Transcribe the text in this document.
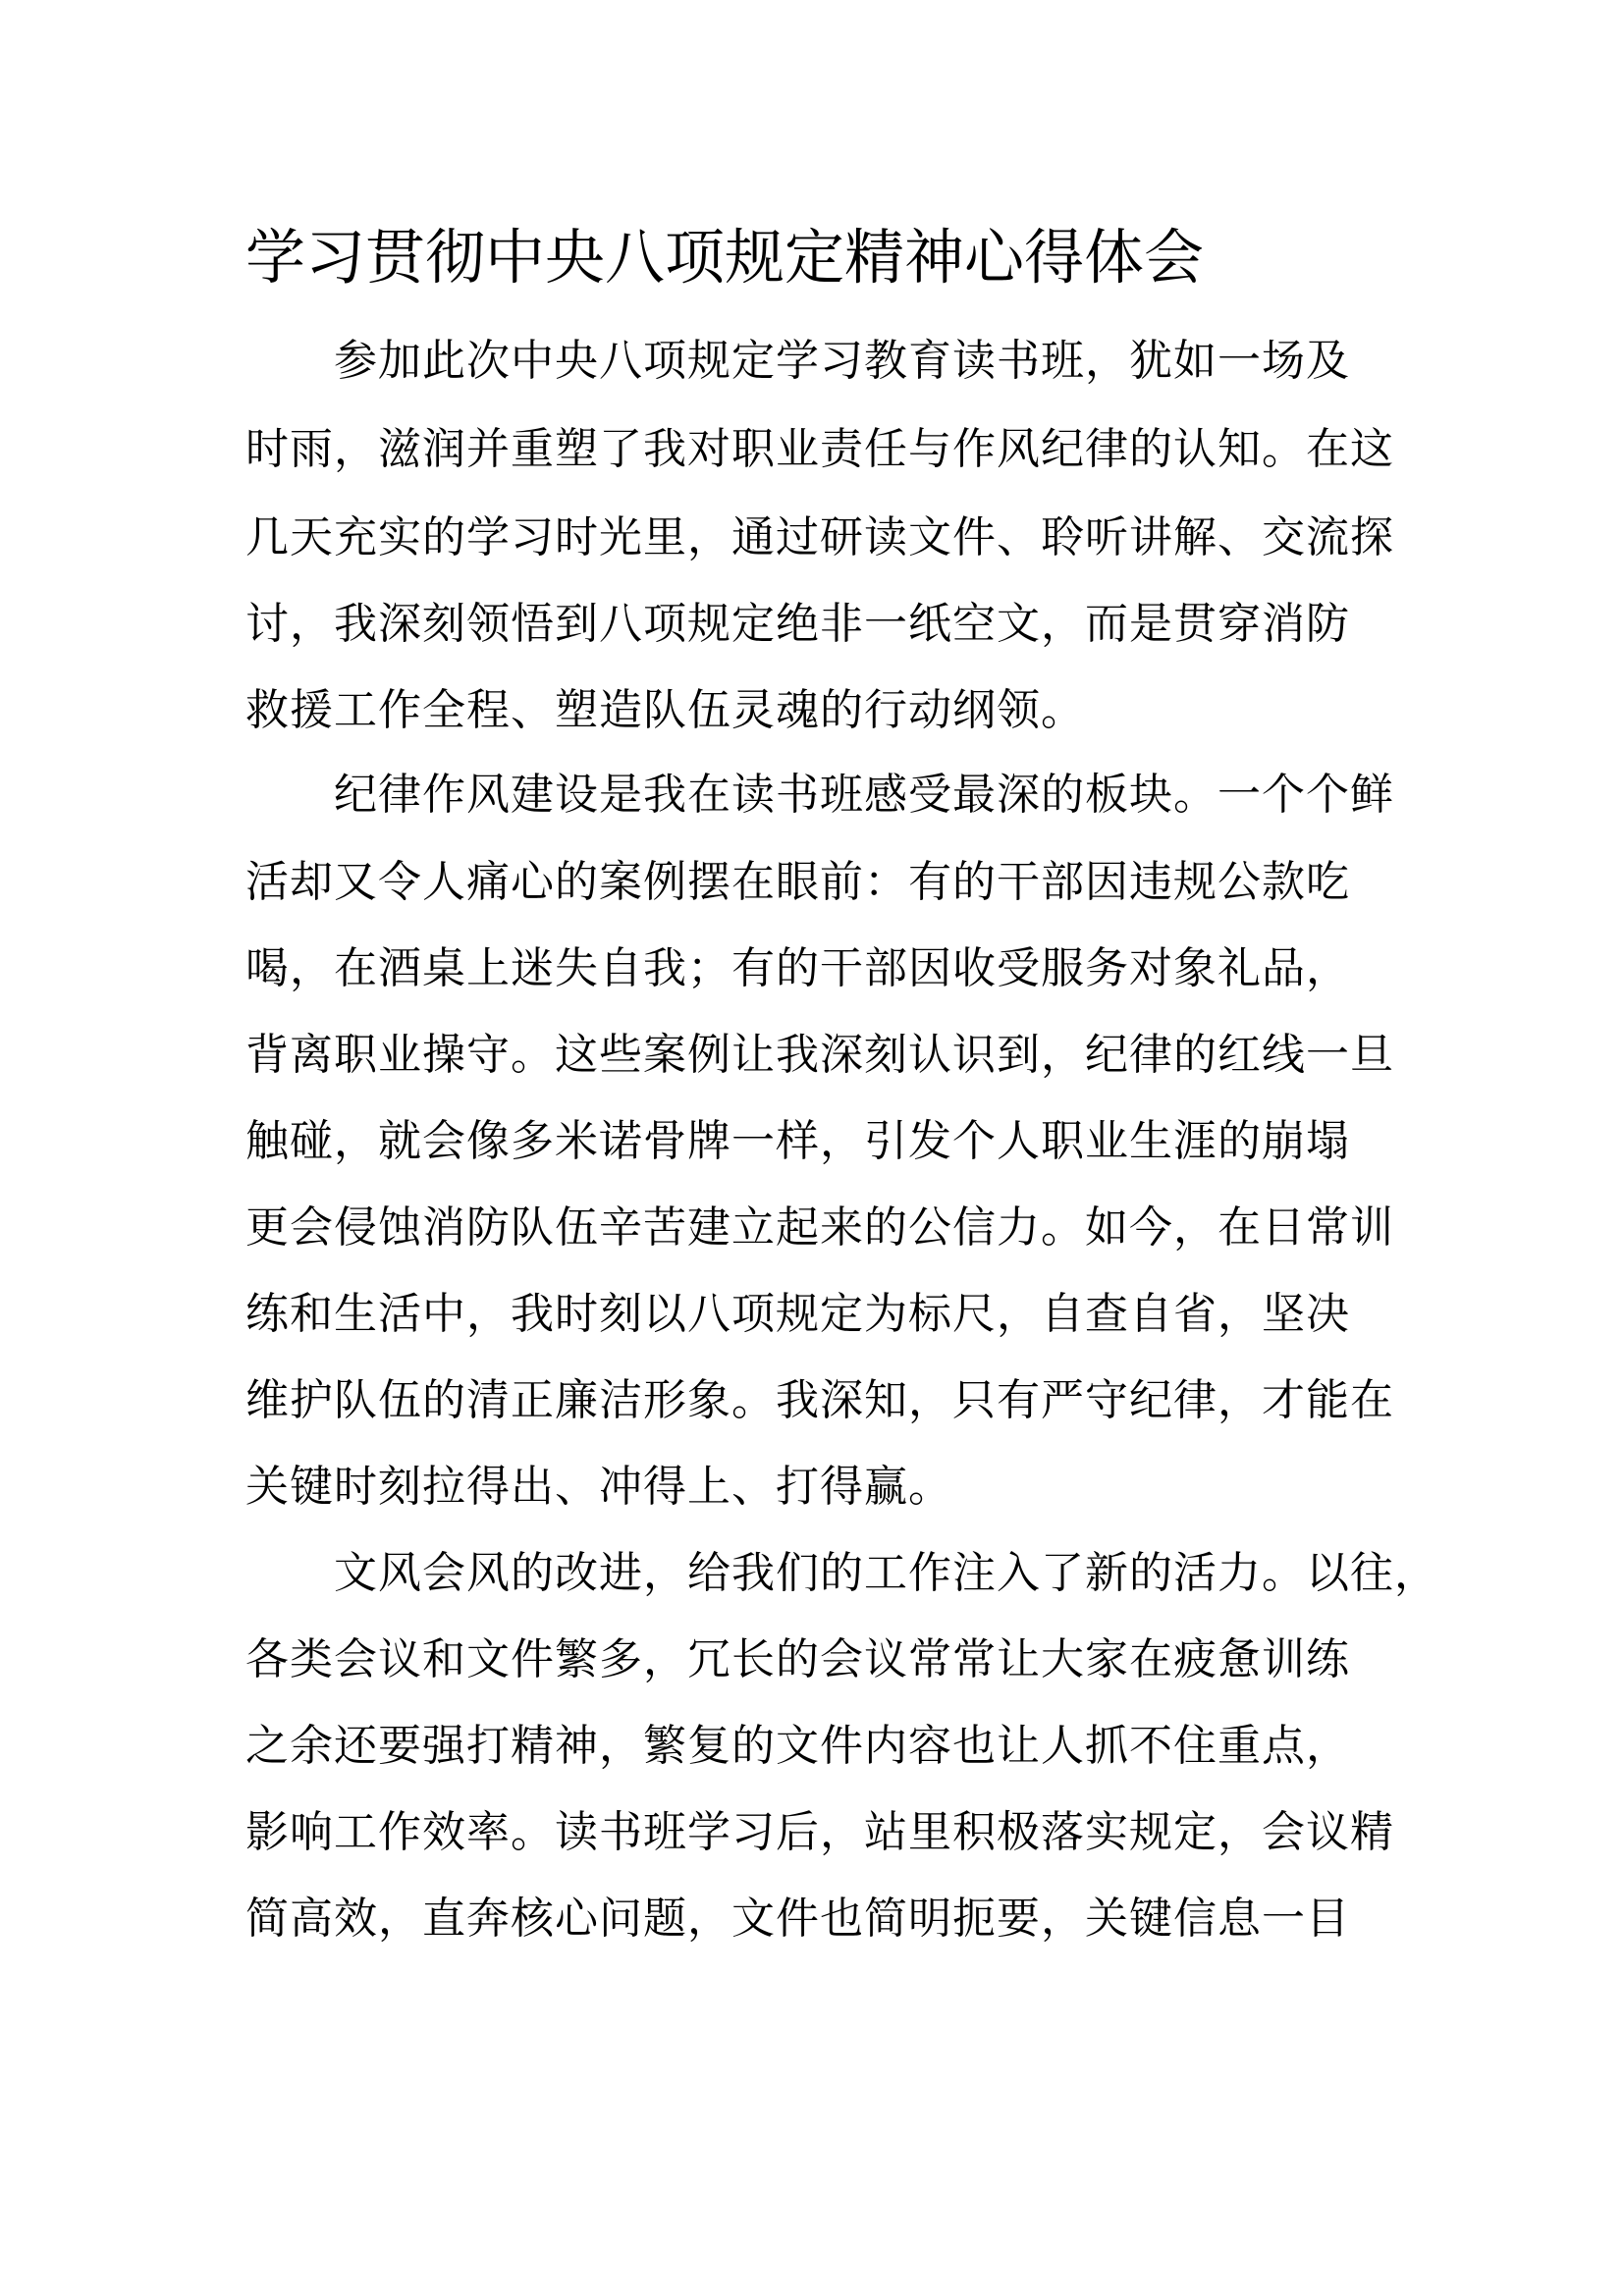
学习贯彻中央八项规定精神心得体会

参加此次中央八项规定学习教育读书班，犹如一场及

时雨，滋润并重塑了我对职业责任与作风纪律的认知。在这

几天充实的学习时光里，通过研读文件、聆听讲解、交流探

讨，我深刻领悟到八项规定绝非一纸空文，而是贯穿消防

救援工作全程、塑造队伍灵魂的行动纲领。

纪律作风建设是我在读书班感受最深的板块。一个个鲜

活却又令人痛心的案例摆在眼前：有的干部因违规公款吃

喝，在酒桌上迷失自我；有的干部因收受服务对象礼品，

背离职业操守。这些案例让我深刻认识到，纪律的红线一旦

触碰，就会像多米诺骨牌一样，引发个人职业生涯的崩塌

更会侵蚀消防队伍辛苦建立起来的公信力。如今，在日常训

练和生活中，我时刻以八项规定为标尺，自查自省，坚决

维护队伍的清正廉洁形象。我深知，只有严守纪律，才能在

关键时刻拉得出、冲得上、打得赢。

文风会风的改进，给我们的工作注入了新的活力。以往，

各类会议和文件繁多，冗长的会议常常让大家在疲惫训练

之余还要强打精神，繁复的文件内容也让人抓不住重点，

影响工作效率。读书班学习后，站里积极落实规定，会议精

简高效，直奔核心问题，文件也简明扼要，关键信息一目
